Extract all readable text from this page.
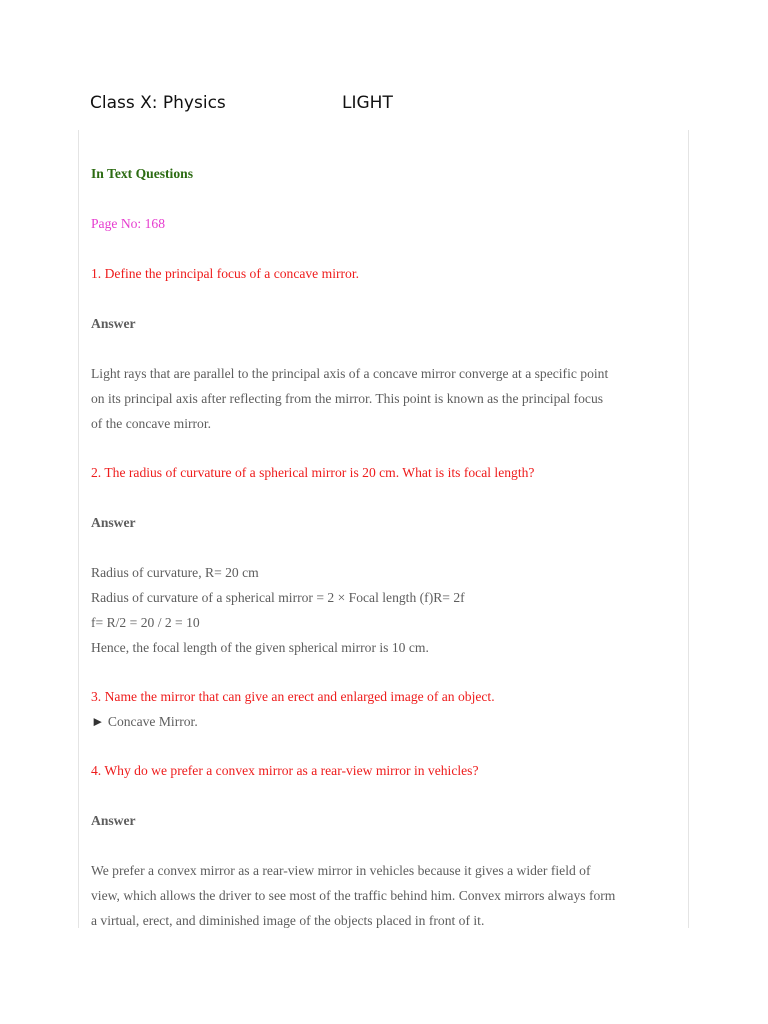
Class X: Physics	LIGHT
In Text Questions
Page No: 168
1. Define the principal focus of a concave mirror.
Answer
Light rays that are parallel to the principal axis of a concave mirror converge at a specific point
on its principal axis after reflecting from the mirror. This point is known as the principal focus
of the concave mirror.
2. The radius of curvature of a spherical mirror is 20 cm. What is its focal length?
Answer
Radius of curvature, R= 20 cm
Radius of curvature of a spherical mirror = 2 × Focal length (f)R= 2f
f= R/2 = 20 / 2 = 10
Hence, the focal length of the given spherical mirror is 10 cm.
3. Name the mirror that can give an erect and enlarged image of an object.
► Concave Mirror.
4. Why do we prefer a convex mirror as a rear-view mirror in vehicles?
Answer
We prefer a convex mirror as a rear-view mirror in vehicles because it gives a wider field of
view, which allows the driver to see most of the traffic behind him. Convex mirrors always form
a virtual, erect, and diminished image of the objects placed in front of it.
